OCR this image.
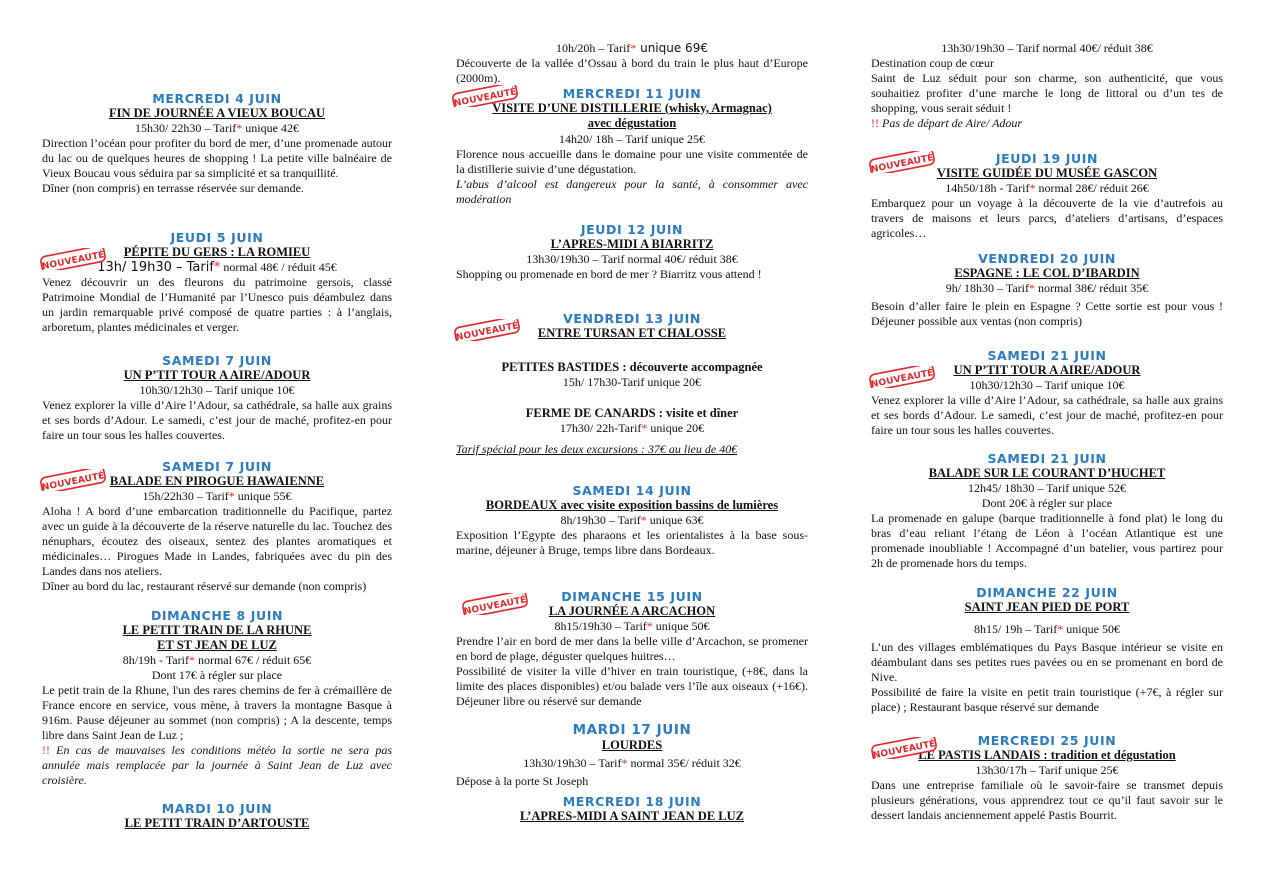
MERCREDI 4 JUIN
FIN DE JOURNÉE A VIEUX BOUCAU
15h30/ 22h30 – Tarif* unique 42€

Direction l’océan pour profiter du bord de mer, d’une promenade autour du lac ou de quelques heures de shopping ! La petite ville balnéaire de Vieux Boucau vous séduira par sa simplicité et sa tranquillité.

Dîner (non compris) en terrasse réservée sur demande.

NOUVEAUTÉ
JEUDI 5 JUIN
PÉPITE DU GERS : LA ROMIEU
13h/ 19h30 – Tarif* normal 48€ / réduit 45€
Venez découvrir un des fleurons du patrimoine gersois, classé Patrimoine Mondial de l’Humanité par l’Unesco puis déambulez dans un jardin remarquable privé composé de quatre parties : à l’anglais, arboretum, plantes médicinales et verger.
SAMEDI 7 JUIN
UN P’TIT TOUR A AIRE/ADOUR
10h30/12h30 – Tarif unique 10€
Venez explorer la ville d’Aire l’Adour, sa cathédrale, sa halle aux grains et ses bords d’Adour. Le samedi, c’est jour de maché, profitez-en pour faire un tour sous les halles couvertes.
NOUVEAUTÉ
SAMEDI 7 JUIN
BALADE EN PIROGUE HAWAIENNE
15h/22h30 – Tarif* unique 55€

Aloha ! A bord d’une embarcation traditionnelle du Pacifique, partez avec un guide à la découverte de la réserve naturelle du lac. Touchez des nénuphars, écoutez des oiseaux, sentez des plantes aromatiques et médicinales… Pirogues Made in Landes, fabriquées avec du pin des Landes dans nos ateliers.

Dîner au bord du lac, restaurant réservé sur demande (non compris)

DIMANCHE 8 JUIN
LE PETIT TRAIN DE LA RHUNE
ET ST JEAN DE LUZ
8h/19h - Tarif* normal 67€ / réduit 65€
Dont 17€ à régler sur place

Le petit train de la Rhune, l'un des rares chemins de fer à crémaillère de France encore en service, vous mène, à travers la montagne Basque à 916m. Pause déjeuner au sommet (non compris) ; A la descente, temps libre dans Saint Jean de Luz ;

!! En cas de mauvaises les conditions météo la sortie ne sera pas annulée mais remplacée par la journée à Saint Jean de Luz avec croisière.

MARDI 10 JUIN
LE PETIT TRAIN D’ARTOUSTE
10h/20h – Tarif* unique 69€
Découverte de la vallée d’Ossau à bord du train le plus haut d’Europe (2000m).
NOUVEAUTÉ	MERCREDI 11 JUIN
VISITE D’UNE DISTILLERIE (whisky, Armagnac)
avec dégustation
14h20/ 18h – Tarif unique 25€

Florence nous accueille dans le domaine pour une visite commentée de la distillerie suivie d’une dégustation.

L’abus d’alcool est dangereux pour la santé, à consommer avec modération

JEUDI 12 JUIN
L’APRES-MIDI A BIARRITZ
13h30/19h30 – Tarif normal 40€/ réduit 38€
Shopping ou promenade en bord de mer ? Biarritz vous attend !
NOUVEAUTÉ
VENDREDI 13 JUIN
ENTRE TURSAN ET CHALOSSE
PETITES BASTIDES : découverte accompagnée
15h/ 17h30-Tarif unique 20€
FERME DE CANARDS : visite et dîner
17h30/ 22h-Tarif* unique 20€
Tarif spécial pour les deux excursions : 37€ au lieu de 40€
SAMEDI 14 JUIN
BORDEAUX avec visite exposition bassins de lumières
8h/19h30 – Tarif* unique 63€
Exposition l’Egypte des pharaons et les orientalistes à la base sous-marine, déjeuner à Bruge, temps libre dans Bordeaux.
NOUVEAUTÉ	DIMANCHE 15 JUIN
LA JOURNÉE A ARCACHON
8h15/19h30 – Tarif* unique 50€

Prendre l’air en bord de mer dans la belle ville d’Arcachon, se promener en bord de plage, déguster quelques huitres…

Possibilité de visiter la ville d’hiver en train touristique, (+8€, dans la limite des places disponibles) et/ou balade vers l’île aux oiseaux (+16€). Déjeuner libre ou réservé sur demande

MARDI 17 JUIN
LOURDES
13h30/19h30 – Tarif* normal 35€/ réduit 32€
Dépose à la porte St Joseph
MERCREDI 18 JUIN
L’APRES-MIDI A SAINT JEAN DE LUZ
13h30/19h30 – Tarif normal 40€/ réduit 38€

Destination coup de cœur

Saint de Luz séduit pour son charme, son authenticité, que vous souhaitiez profiter d’une marche le long de littoral ou d’un tes de shopping, vous serait séduit !

!! Pas de départ de Aire/ Adour

NOUVEAUTÉ	JEUDI 19 JUIN
VISITE GUIDÉE DU MUSÉE GASCON
14h50/18h - Tarif* normal 28€/ réduit 26€
Embarquez pour un voyage à la découverte de la vie d’autrefois au travers de maisons et leurs parcs, d’ateliers d’artisans, d’espaces agricoles…
VENDREDI 20 JUIN
ESPAGNE : LE COL D’IBARDIN
9h/ 18h30 – Tarif* normal 38€/ réduit 35€
Besoin d’aller faire le plein en Espagne ? Cette sortie est pour vous ! Déjeuner possible aux ventas (non compris)
NOUVEAUTÉ
SAMEDI 21 JUIN
UN P’TIT TOUR A AIRE/ADOUR
10h30/12h30 – Tarif unique 10€
Venez explorer la ville d’Aire l’Adour, sa cathédrale, sa halle aux grains et ses bords d’Adour. Le samedi, c’est jour de maché, profitez-en pour faire un tour sous les halles couvertes.
SAMEDI 21 JUIN
BALADE SUR LE COURANT D’HUCHET
12h45/ 18h30 – Tarif unique 52€
Dont 20€ à régler sur place
La promenade en galupe (barque traditionnelle à fond plat) le long du bras d’eau reliant l’étang de Léon à l’océan Atlantique est une promenade inoubliable ! Accompagné d’un batelier, vous partirez pour 2h de promenade hors du temps.
DIMANCHE 22 JUIN
SAINT JEAN PIED DE PORT
8h15/ 19h – Tarif* unique 50€

L’un des villages emblématiques du Pays Basque intérieur se visite en déambulant dans ses petites rues pavées ou en se promenant en bord de Nive.

Possibilité de faire la visite en petit train touristique (+7€, à régler sur place) ; Restaurant basque réservé sur demande

NOUVEAUTÉ	MERCREDI 25 JUIN
LE PASTIS LANDAIS : tradition et dégustation
13h30/17h – Tarif unique 25€
Dans une entreprise familiale où le savoir-faire se transmet depuis plusieurs générations, vous apprendrez tout ce qu’il faut savoir sur le dessert landais anciennement appelé Pastis Bourrit.
